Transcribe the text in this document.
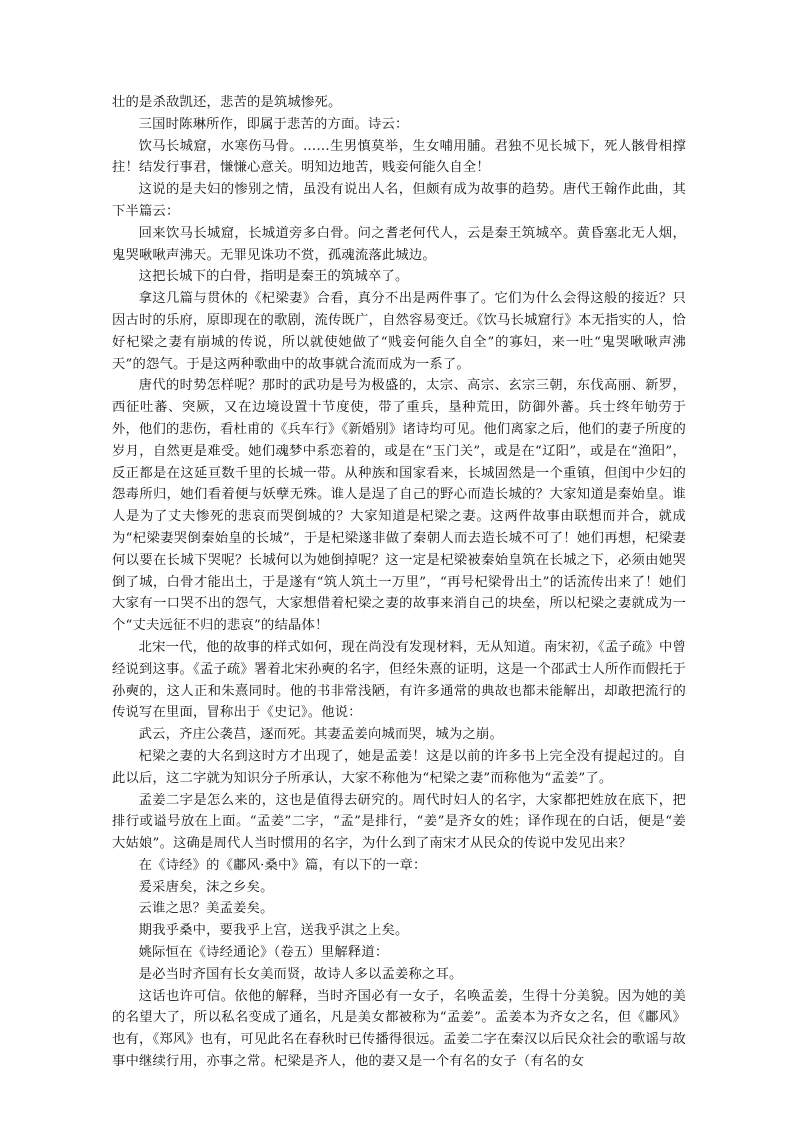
壮的是杀敌凯还，悲苦的是筑城惨死。

三国时陈琳所作，即属于悲苦的方面。诗云：

饮马长城窟，水寒伤马骨。……生男慎莫举，生女哺用脯。君独不见长城下，死人骸骨相撑拄！结发行事君，慊慊心意关。明知边地苦，贱妾何能久自全！

这说的是夫妇的惨别之情，虽没有说出人名，但颇有成为故事的趋势。唐代王翰作此曲，其下半篇云：

回来饮马长城窟，长城道旁多白骨。问之耆老何代人，云是秦王筑城卒。黄昏塞北无人烟，鬼哭啾啾声沸天。无罪见诛功不赏，孤魂流落此城边。

这把长城下的白骨，指明是秦王的筑城卒了。

拿这几篇与贯休的《杞梁妻》合看，真分不出是两件事了。它们为什么会得这般的接近？只因古时的乐府，原即现在的歌剧，流传既广，自然容易变迁。《饮马长城窟行》本无指实的人，恰好杞梁之妻有崩城的传说，所以就使她做了“贱妾何能久自全”的寡妇，来一吐“鬼哭啾啾声沸天”的怨气。于是这两种歌曲中的故事就合流而成为一系了。

唐代的时势怎样呢？那时的武功是号为极盛的，太宗、高宗、玄宗三朝，东伐高丽、新罗，西征吐蕃、突厥，又在边境设置十节度使，带了重兵，垦种荒田，防御外蕃。兵士终年劬劳于外，他们的悲伤，看杜甫的《兵车行》《新婚别》诸诗均可见。他们离家之后，他们的妻子所度的岁月，自然更是难受。她们魂梦中系恋着的，或是在“玉门关”，或是在“辽阳”，或是在“渔阳”，反正都是在这延亘数千里的长城一带。从种族和国家看来，长城固然是一个重镇，但闺中少妇的怨毒所归，她们看着便与妖孽无殊。谁人是逞了自己的野心而造长城的？大家知道是秦始皇。谁人是为了丈夫惨死的悲哀而哭倒城的？大家知道是杞梁之妻。这两件故事由联想而并合，就成为“杞梁妻哭倒秦始皇的长城”，于是杞梁遂非做了秦朝人而去造长城不可了！她们再想，杞梁妻何以要在长城下哭呢？长城何以为她倒掉呢？这一定是杞梁被秦始皇筑在长城之下，必须由她哭倒了城，白骨才能出土，于是遂有“筑人筑土一万里”，“再号杞梁骨出土”的话流传出来了！她们大家有一口哭不出的怨气，大家想借着杞梁之妻的故事来消自己的块垒，所以杞梁之妻就成为一个“丈夫远征不归的悲哀”的结晶体！

北宋一代，他的故事的样式如何，现在尚没有发现材料，无从知道。南宋初，《孟子疏》中曾经说到这事。《孟子疏》署着北宋孙奭的名字，但经朱熹的证明，这是一个邵武士人所作而假托于孙奭的，这人正和朱熹同时。他的书非常浅陋，有许多通常的典故也都未能解出，却敢把流行的传说写在里面，冒称出于《史记》。他说：

武云，齐庄公袭莒，逐而死。其妻孟姜向城而哭，城为之崩。

杞梁之妻的大名到这时方才出现了，她是孟姜！这是以前的许多书上完全没有提起过的。自此以后，这二字就为知识分子所承认，大家不称他为“杞梁之妻”而称他为“孟姜”了。

孟姜二字是怎么来的，这也是值得去研究的。周代时妇人的名字，大家都把姓放在底下，把排行或谥号放在上面。“孟姜”二字，“孟”是排行，“姜”是齐女的姓；译作现在的白话，便是“姜大姑娘”。这确是周代人当时惯用的名字，为什么到了南宋才从民众的传说中发见出来？

在《诗经》的《鄘风·桑中》篇，有以下的一章：

爰采唐矣，沫之乡矣。

云谁之思？美孟姜矣。

期我乎桑中，要我乎上宫，送我乎淇之上矣。

姚际恒在《诗经通论》（卷五）里解释道：

是必当时齐国有长女美而贤，故诗人多以孟姜称之耳。

这话也许可信。依他的解释，当时齐国必有一女子，名唤孟姜，生得十分美貌。因为她的美的名望大了，所以私名变成了通名，凡是美女都被称为“孟姜”。孟姜本为齐女之名，但《鄘风》也有，《郑风》也有，可见此名在春秋时已传播得很远。孟姜二字在秦汉以后民众社会的歌谣与故事中继续行用，亦事之常。杞梁是齐人，他的妻又是一个有名的女子（有名的女
